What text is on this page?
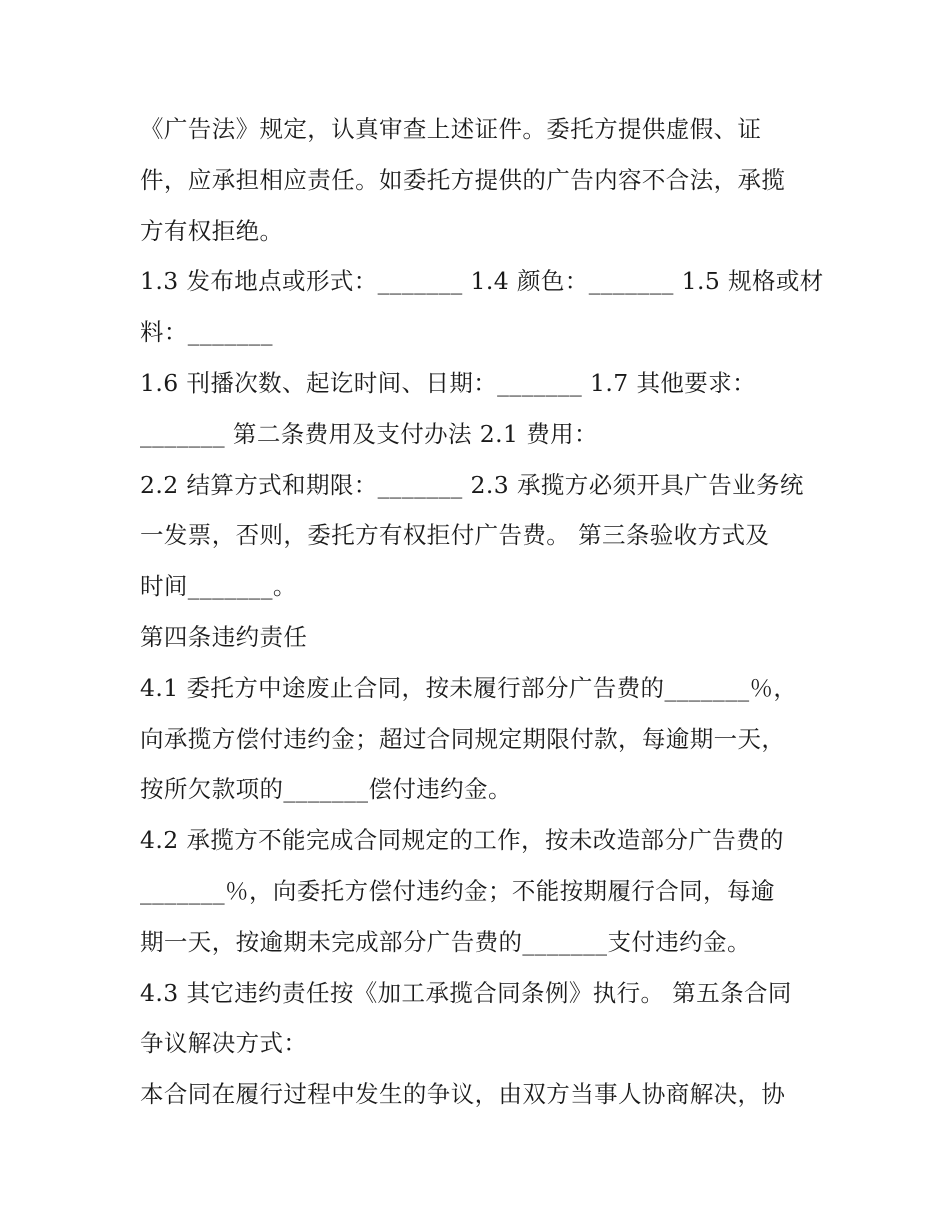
《广告法》规定，认真审查上述证件。委托方提供虚假、证
件，应承担相应责任。如委托方提供的广告内容不合法，承揽
方有权拒绝。
1.3 发布地点或形式：_______ 1.4 颜色：_______ 1.5 规格或材
料：_______
1.6 刊播次数、起讫时间、日期：_______ 1.7 其他要求：
_______ 第二条费用及支付办法 2.1 费用：
2.2 结算方式和期限：_______ 2.3 承揽方必须开具广告业务统
一发票，否则，委托方有权拒付广告费。 第三条验收方式及
时间_______。
第四条违约责任
4.1 委托方中途废止合同，按未履行部分广告费的_______％，
向承揽方偿付违约金；超过合同规定期限付款，每逾期一天，
按所欠款项的_______偿付违约金。
4.2 承揽方不能完成合同规定的工作，按未改造部分广告费的
_______％，向委托方偿付违约金；不能按期履行合同，每逾
期一天，按逾期未完成部分广告费的_______支付违约金。
4.3 其它违约责任按《加工承揽合同条例》执行。 第五条合同
争议解决方式：
本合同在履行过程中发生的争议，由双方当事人协商解决，协
